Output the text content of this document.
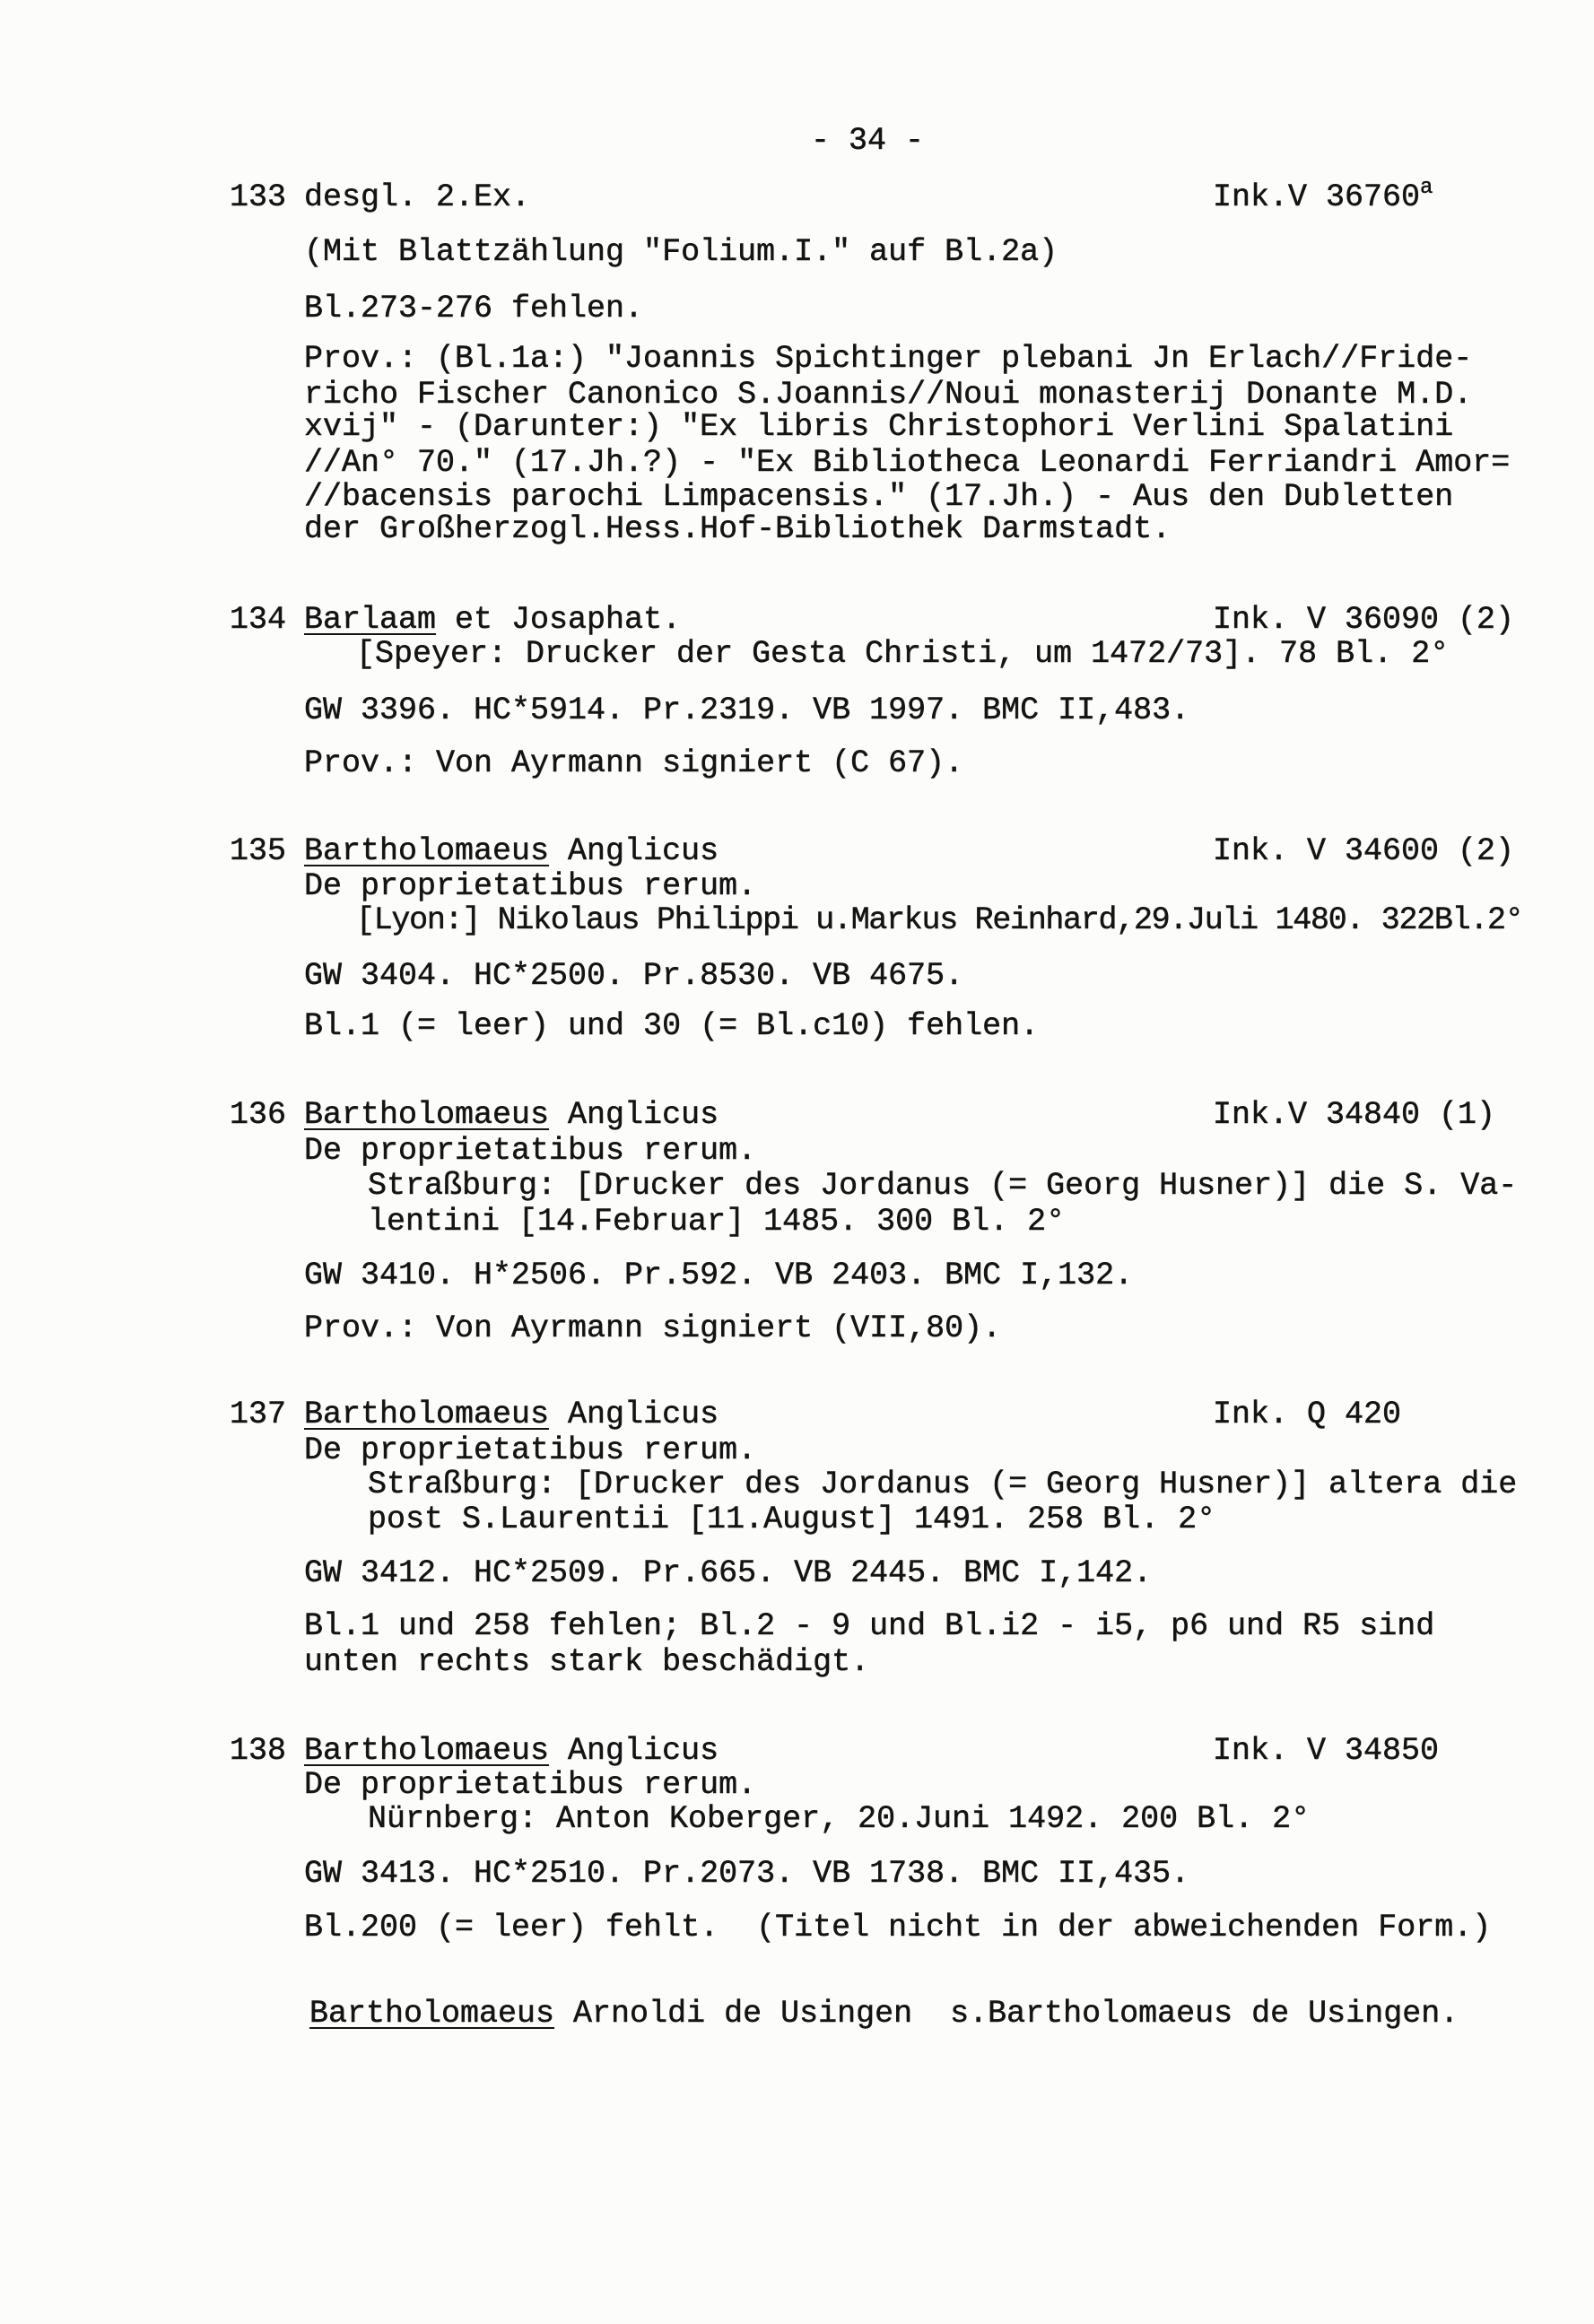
- 34 -
133 desgl. 2.Ex.	Ink.V 36760$^a$
(Mit Blattzählung "Folium.I." auf Bl.2a)
Bl.273-276 fehlen.
Prov.: (Bl.1a:) "Joannis Spichtinger plebani Jn Erlach//Fride-
richo Fischer Canonico S.Joannis//Noui monasterij Donante M.D.
xvij" - (Darunter:) "Ex libris Christophori Verlini Spalatini
//An° 70." (17.Jh.?) - "Ex Bibliotheca Leonardi Ferriandri Amor=
//bacensis parochi Limpacensis." (17.Jh.) - Aus den Dubletten
der Großherzogl.Hess.Hof-Bibliothek Darmstadt.
134 Barlaam et Josaphat.	Ink. V 36090 (2)
[Speyer: Drucker der Gesta Christi, um 1472/73]. 78 Bl. 2°
GW 3396. HC*5914. Pr.2319. VB 1997. BMC II,483.
Prov.: Von Ayrmann signiert (C 67).
135 Bartholomaeus Anglicus	Ink. V 34600 (2)
De proprietatibus rerum.
[Lyon:] Nikolaus Philippi u.Markus Reinhard,29.Juli 1480. 322Bl.2°
GW 3404. HC*2500. Pr.8530. VB 4675.
Bl.1 (= leer) und 30 (= Bl.c10) fehlen.
136 Bartholomaeus Anglicus	Ink.V 34840 (1)
De proprietatibus rerum.
Straßburg: [Drucker des Jordanus (= Georg Husner)] die S. Va-
lentini [14.Februar] 1485. 300 Bl. 2°
GW 3410. H*2506. Pr.592. VB 2403. BMC I,132.
Prov.: Von Ayrmann signiert (VII,80).
137 Bartholomaeus Anglicus	Ink. Q 420
De proprietatibus rerum.
Straßburg: [Drucker des Jordanus (= Georg Husner)] altera die
post S.Laurentii [11.August] 1491. 258 Bl. 2°
GW 3412. HC*2509. Pr.665. VB 2445. BMC I,142.
Bl.1 und 258 fehlen; Bl.2 - 9 und Bl.i2 - i5, p6 und R5 sind
unten rechts stark beschädigt.
138 Bartholomaeus Anglicus	Ink. V 34850
De proprietatibus rerum.
Nürnberg: Anton Koberger, 20.Juni 1492. 200 Bl. 2°
GW 3413. HC*2510. Pr.2073. VB 1738. BMC II,435.
Bl.200 (= leer) fehlt.  (Titel nicht in der abweichenden Form.)
Bartholomaeus Arnoldi de Usingen  s.Bartholomaeus de Usingen.
